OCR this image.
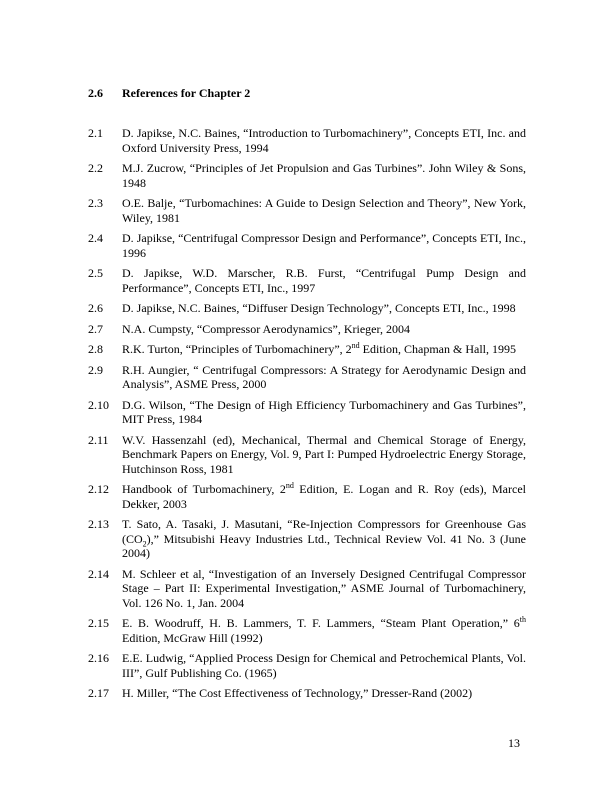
2.6 References for Chapter 2
2.1	D. Japikse, N.C. Baines, “Introduction to Turbomachinery”, Concepts ETI, Inc. and Oxford University Press, 1994
2.2	M.J. Zucrow, “Principles of Jet Propulsion and Gas Turbines”. John Wiley & Sons, 1948
2.3	O.E. Balje, “Turbomachines: A Guide to Design Selection and Theory”, New York, Wiley, 1981
2.4	D. Japikse, “Centrifugal Compressor Design and Performance”, Concepts ETI, Inc., 1996
2.5	D. Japikse, W.D. Marscher, R.B. Furst, “Centrifugal Pump Design and Performance”, Concepts ETI, Inc., 1997
2.6	D. Japikse, N.C. Baines, “Diffuser Design Technology”, Concepts ETI, Inc., 1998
2.7	N.A. Cumpsty, “Compressor Aerodynamics”, Krieger, 2004
2.8	R.K. Turton, “Principles of Turbomachinery”, 2nd Edition, Chapman & Hall, 1995
2.9	R.H. Aungier, “ Centrifugal Compressors: A Strategy for Aerodynamic Design and Analysis”, ASME Press, 2000
2.10	D.G. Wilson, “The Design of High Efficiency Turbomachinery and Gas Turbines”, MIT Press, 1984
2.11	W.V. Hassenzahl (ed), Mechanical, Thermal and Chemical Storage of Energy, Benchmark Papers on Energy, Vol. 9, Part I: Pumped Hydroelectric Energy Storage, Hutchinson Ross, 1981
2.12	Handbook of Turbomachinery, 2nd Edition, E. Logan and R. Roy (eds), Marcel Dekker, 2003
2.13	T. Sato, A. Tasaki, J. Masutani, “Re-Injection Compressors for Greenhouse Gas $(CO_2)$,” Mitsubishi Heavy Industries Ltd., Technical Review Vol. 41 No. 3 (June 2004)
2.14	M. Schleer et al, “Investigation of an Inversely Designed Centrifugal Compressor Stage – Part II: Experimental Investigation,” ASME Journal of Turbomachinery, Vol. 126 No. 1, Jan. 2004
2.15	E. B. Woodruff, H. B. Lammers, T. F. Lammers, “Steam Plant Operation,” 6th Edition, McGraw Hill (1992)
2.16	E.E. Ludwig, “Applied Process Design for Chemical and Petrochemical Plants, Vol. III”, Gulf Publishing Co. (1965)
2.17	H. Miller, “The Cost Effectiveness of Technology,” Dresser-Rand (2002)
13
